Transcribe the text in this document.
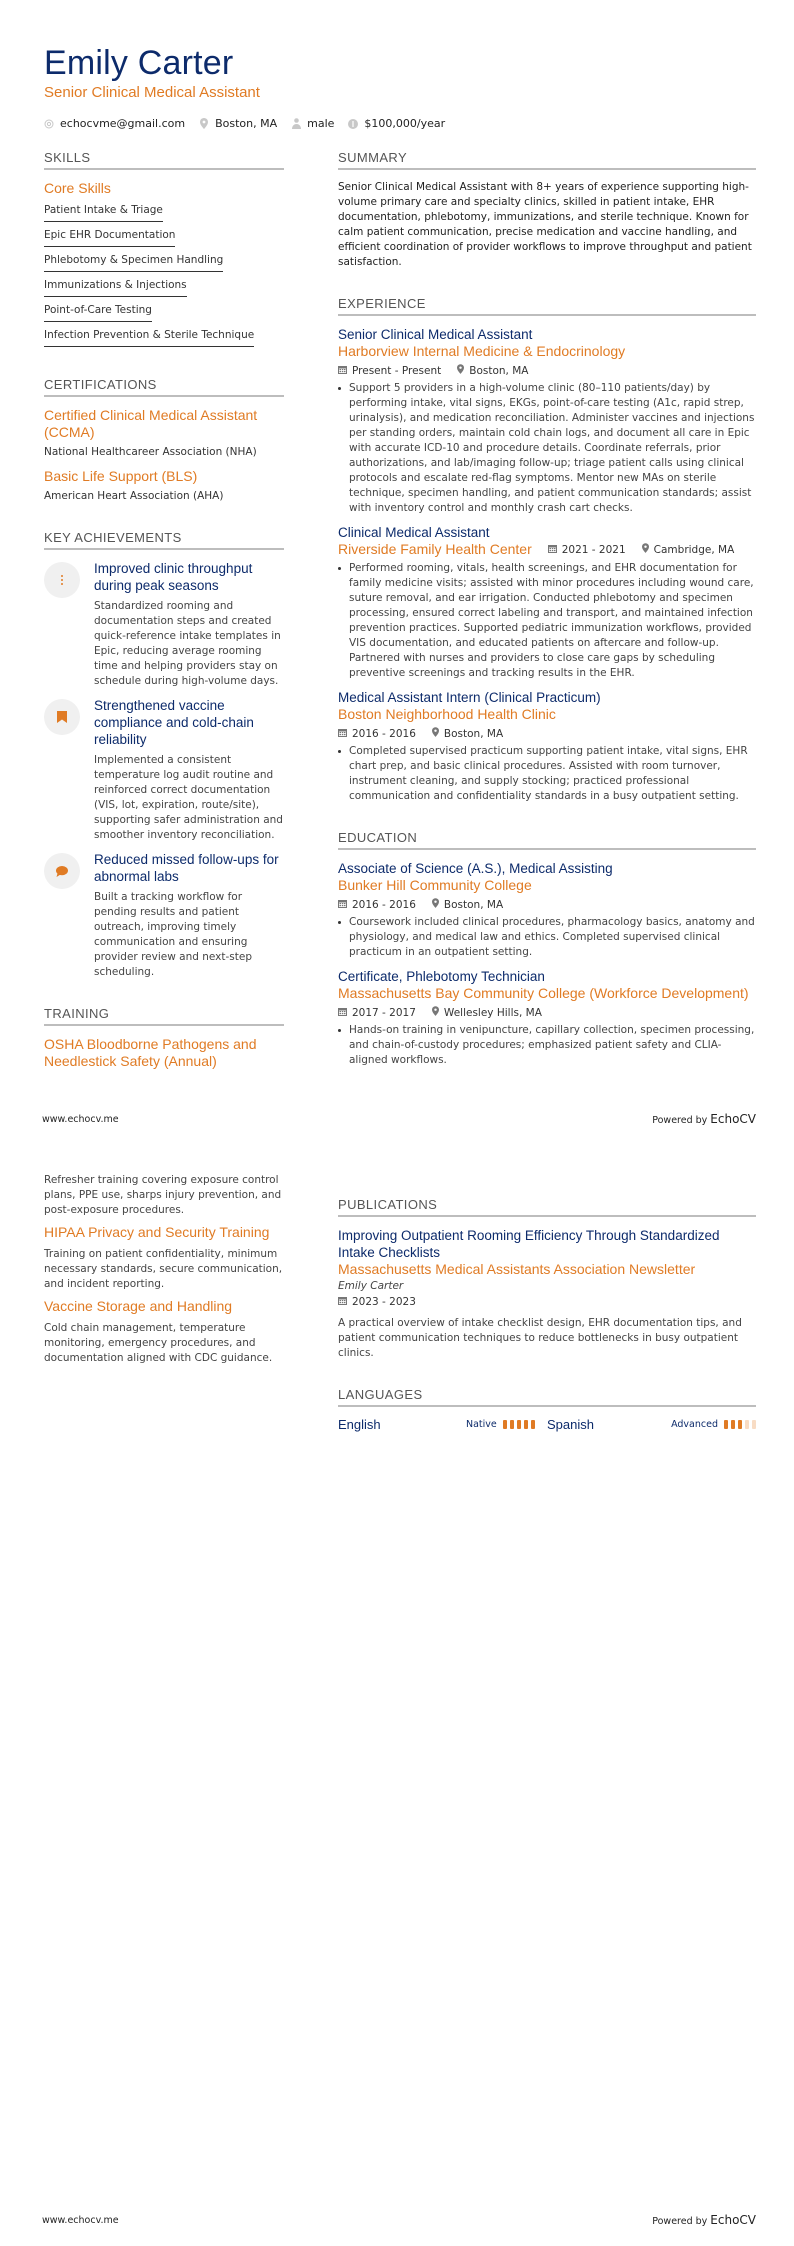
Emily Carter
Senior Clinical Medical Assistant
echocvme@gmail.com	Boston, MA	male	$100,000/year
SKILLS
Core Skills
Patient Intake & Triage
Epic EHR Documentation
Phlebotomy & Specimen Handling
Immunizations & Injections
Point-of-Care Testing
Infection Prevention & Sterile Technique
CERTIFICATIONS
Certified Clinical Medical Assistant (CCMA)
National Healthcareer Association (NHA)
Basic Life Support (BLS)
American Heart Association (AHA)
KEY ACHIEVEMENTS
Improved clinic throughput during peak seasons
Standardized rooming and documentation steps and created quick-reference intake templates in Epic, reducing average rooming time and helping providers stay on schedule during high-volume days.
Strengthened vaccine compliance and cold-chain reliability
Implemented a consistent temperature log audit routine and reinforced correct documentation (VIS, lot, expiration, route/site), supporting safer administration and smoother inventory reconciliation.
Reduced missed follow-ups for abnormal labs
Built a tracking workflow for pending results and patient outreach, improving timely communication and ensuring provider review and next-step scheduling.
TRAINING
OSHA Bloodborne Pathogens and Needlestick Safety (Annual)
SUMMARY
Senior Clinical Medical Assistant with 8+ years of experience supporting high-volume primary care and specialty clinics, skilled in patient intake, EHR documentation, phlebotomy, immunizations, and sterile technique. Known for calm patient communication, precise medication and vaccine handling, and efficient coordination of provider workflows to improve throughput and patient satisfaction.
EXPERIENCE
Senior Clinical Medical Assistant
Harborview Internal Medicine & Endocrinology
Present - Present	Boston, MA
Support 5 providers in a high-volume clinic (80–110 patients/day) by performing intake, vital signs, EKGs, point-of-care testing (A1c, rapid strep, urinalysis), and medication reconciliation. Administer vaccines and injections per standing orders, maintain cold chain logs, and document all care in Epic with accurate ICD-10 and procedure details. Coordinate referrals, prior authorizations, and lab/imaging follow-up; triage patient calls using clinical protocols and escalate red-flag symptoms. Mentor new MAs on sterile technique, specimen handling, and patient communication standards; assist with inventory control and monthly crash cart checks.
Clinical Medical Assistant
Riverside Family Health Center	2021 - 2021	Cambridge, MA
Performed rooming, vitals, health screenings, and EHR documentation for family medicine visits; assisted with minor procedures including wound care, suture removal, and ear irrigation. Conducted phlebotomy and specimen processing, ensured correct labeling and transport, and maintained infection prevention practices. Supported pediatric immunization workflows, provided VIS documentation, and educated patients on aftercare and follow-up. Partnered with nurses and providers to close care gaps by scheduling preventive screenings and tracking results in the EHR.
Medical Assistant Intern (Clinical Practicum)
Boston Neighborhood Health Clinic
2016 - 2016	Boston, MA
Completed supervised practicum supporting patient intake, vital signs, EHR chart prep, and basic clinical procedures. Assisted with room turnover, instrument cleaning, and supply stocking; practiced professional communication and confidentiality standards in a busy outpatient setting.
EDUCATION
Associate of Science (A.S.), Medical Assisting
Bunker Hill Community College
2016 - 2016	Boston, MA
Coursework included clinical procedures, pharmacology basics, anatomy and physiology, and medical law and ethics. Completed supervised clinical practicum in an outpatient setting.
Certificate, Phlebotomy Technician
Massachusetts Bay Community College (Workforce Development)
2017 - 2017	Wellesley Hills, MA
Hands-on training in venipuncture, capillary collection, specimen processing, and chain-of-custody procedures; emphasized patient safety and CLIA-aligned workflows.
www.echocv.me	Powered by EchoCV
Refresher training covering exposure control plans, PPE use, sharps injury prevention, and post-exposure procedures.
HIPAA Privacy and Security Training
Training on patient confidentiality, minimum necessary standards, secure communication, and incident reporting.
Vaccine Storage and Handling
Cold chain management, temperature monitoring, emergency procedures, and documentation aligned with CDC guidance.
PUBLICATIONS
Improving Outpatient Rooming Efficiency Through Standardized Intake Checklists
Massachusetts Medical Assistants Association Newsletter
Emily Carter
2023 - 2023
A practical overview of intake checklist design, EHR documentation tips, and patient communication techniques to reduce bottlenecks in busy outpatient clinics.
LANGUAGES
English	Native	Spanish	Advanced
www.echocv.me	Powered by EchoCV
